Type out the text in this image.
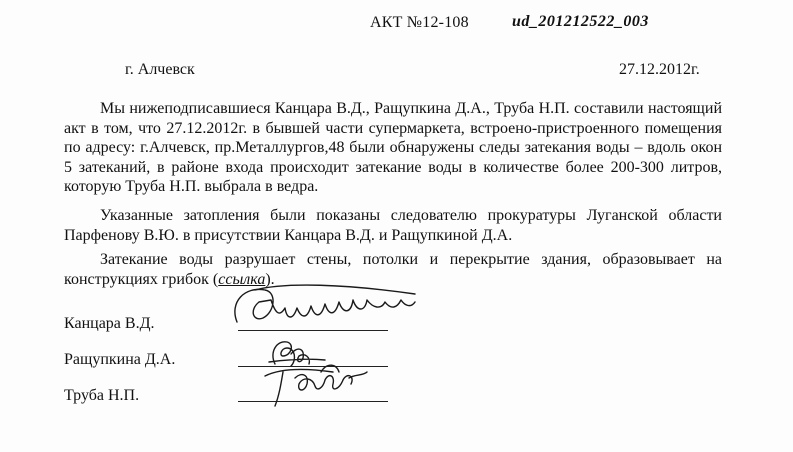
АКТ №12-108	ud_201212522_003
г. Алчевск	27.12.2012г.

Мы нижеподписавшиеся Канцара В.Д., Ращупкина Д.А., Труба Н.П. составили настоящий акт в том, что 27.12.2012г. в бывшей части супермаркета, встроено-пристроенного помещения по адресу: г.Алчевск, пр.Металлургов,48 были обнаружены следы затекания воды – вдоль окон 5 затеканий, в районе входа происходит затекание воды в количестве более 200-300 литров, которую Труба Н.П. выбрала в ведра.

Указанные затопления были показаны следователю прокуратуры Луганской области Парфенову В.Ю. в присутствии Канцара В.Д. и Ращупкиной Д.А.

Затекание воды разрушает стены, потолки и перекрытие здания, образовывает на конструкциях грибок (ссылка).

Канцара В.Д.
Ращупкина Д.А.
Труба Н.П.
